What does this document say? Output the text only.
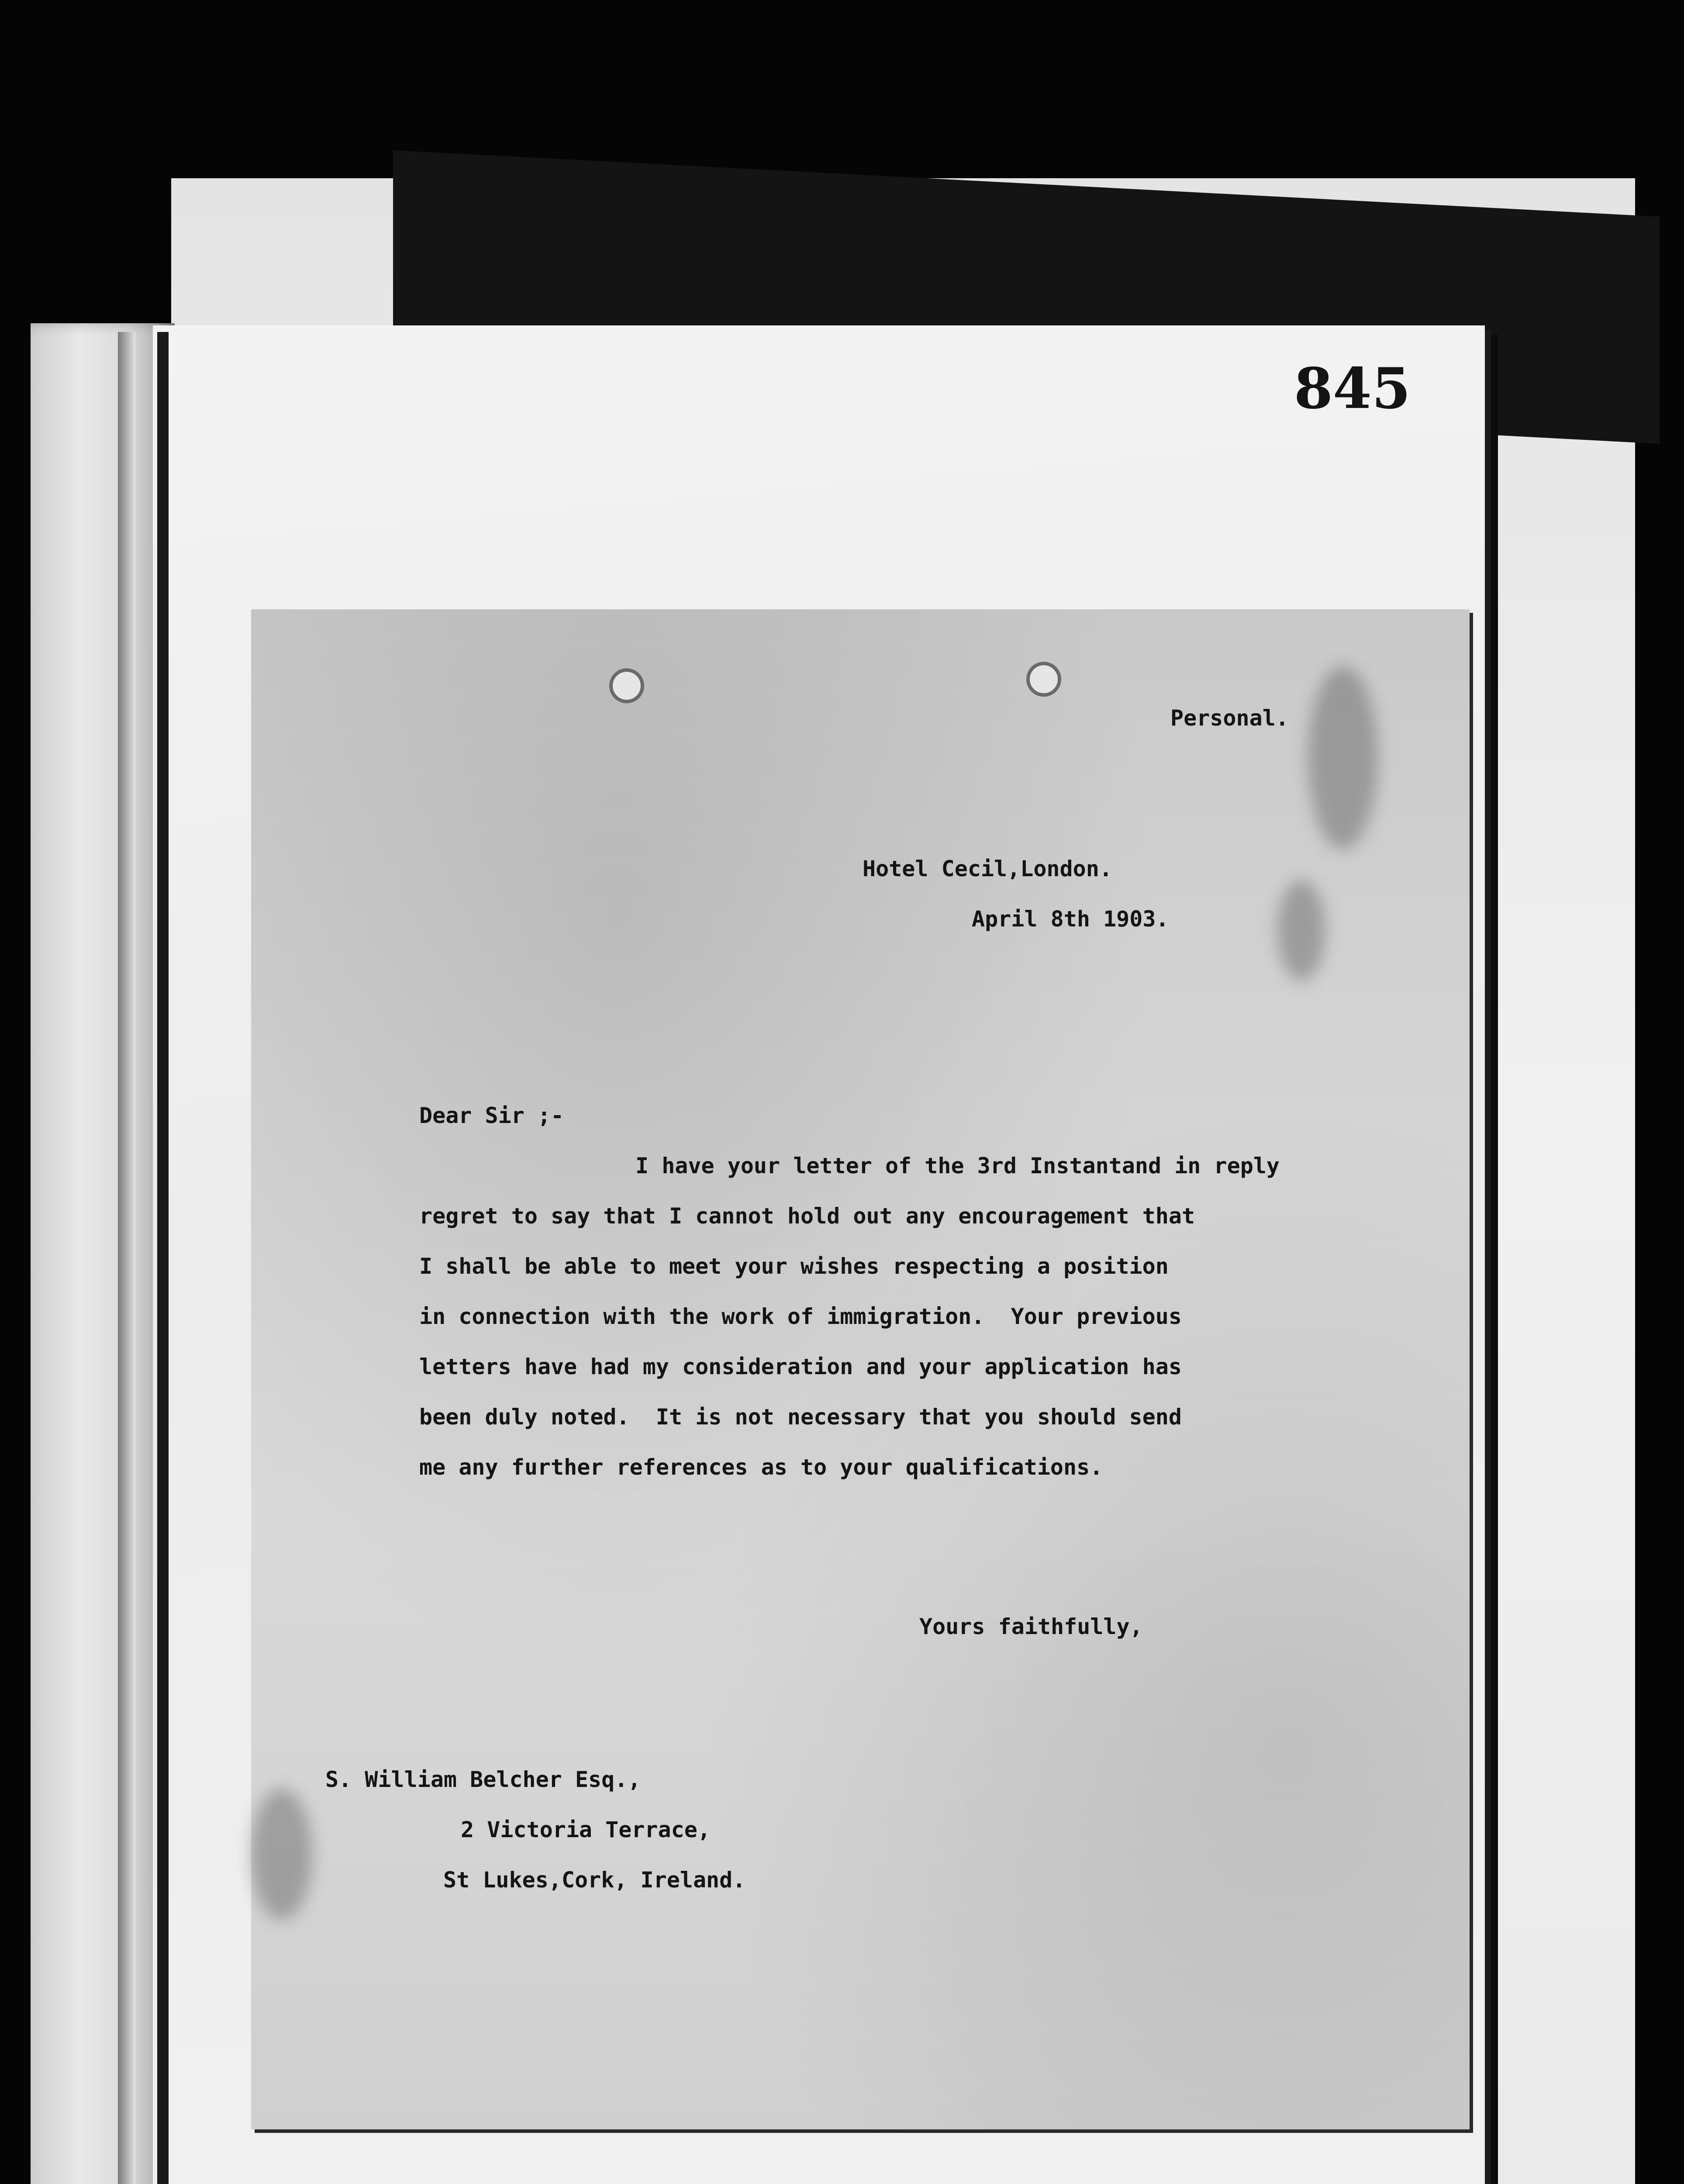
845
Personal.
Hotel Cecil,London.
April 8th 1903.
Dear Sir ;-
I have your letter of the 3rd Instantand in reply
regret to say that I cannot hold out any encouragement that
I shall be able to meet your wishes respecting a position
in connection with the work of immigration.  Your previous
letters have had my consideration and your application has
been duly noted.  It is not necessary that you should send
me any further references as to your qualifications.
Yours faithfully,
S. William Belcher Esq.,
2 Victoria Terrace,
St Lukes,Cork, Ireland.
